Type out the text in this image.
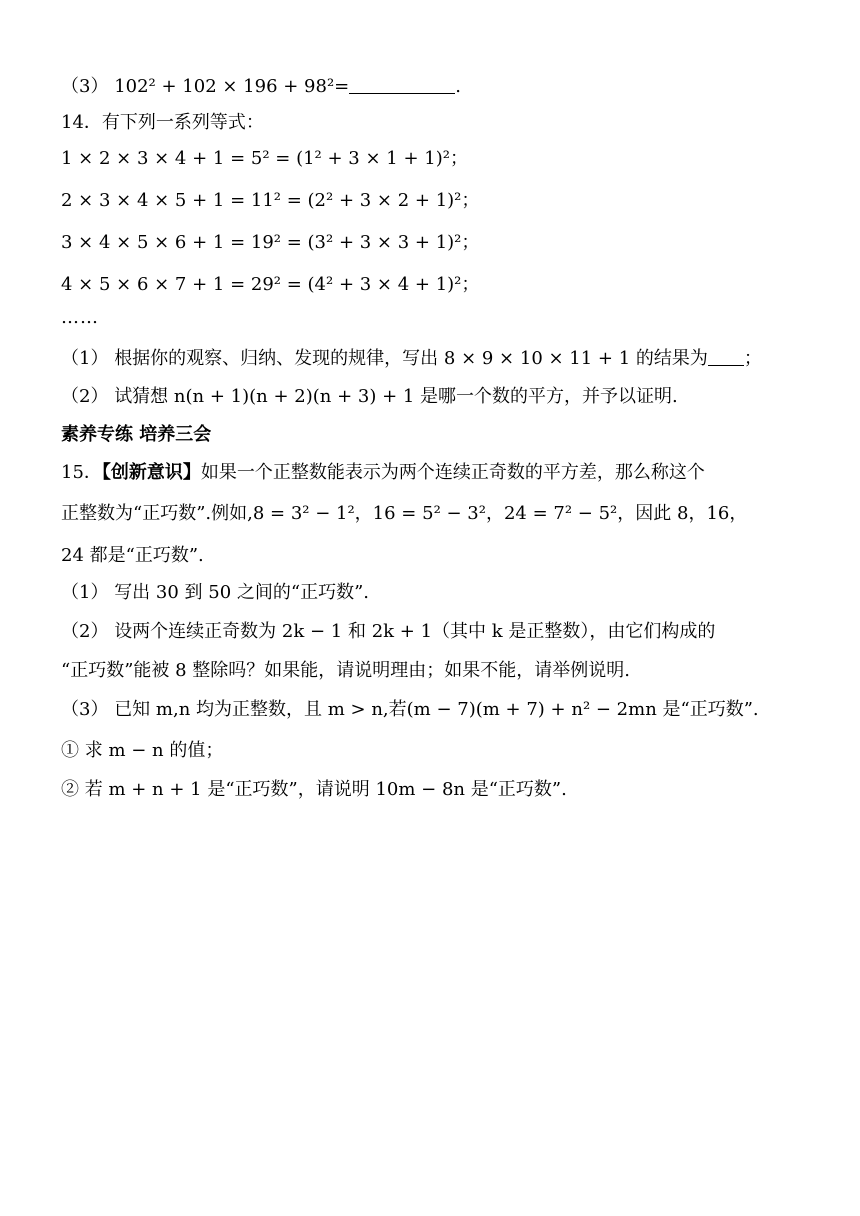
（3） 102² + 102 × 196 + 98²=	.
14．有下列一系列等式：
1 × 2 × 3 × 4 + 1 = 5² = (1² + 3 × 1 + 1)²；
2 × 3 × 4 × 5 + 1 = 11² = (2² + 3 × 2 + 1)²；
3 × 4 × 5 × 6 + 1 = 19² = (3² + 3 × 3 + 1)²；
4 × 5 × 6 × 7 + 1 = 29² = (4² + 3 × 4 + 1)²；
……
（1） 根据你的观察、归纳、发现的规律，写出 8 × 9 × 10 × 11 + 1 的结果为 ；
（2） 试猜想 n(n + 1)(n + 2)(n + 3) + 1 是哪一个数的平方，并予以证明.
素养专练 培养三会
15．【创新意识】如果一个正整数能表示为两个连续正奇数的平方差，那么称这个
正整数为“正巧数”.例如,8 = 3² − 1²，16 = 5² − 3²，24 = 7² − 5²，因此 8，16，
24 都是“正巧数”.
（1） 写出 30 到 50 之间的“正巧数”.
（2） 设两个连续正奇数为 2k − 1 和 2k + 1（其中 k 是正整数），由它们构成的
“正巧数”能被 8 整除吗？如果能，请说明理由；如果不能，请举例说明.
（3） 已知 m,n 均为正整数，且 m > n,若(m − 7)(m + 7) + n² − 2mn 是“正巧数”.
① 求 m − n 的值；
② 若 m + n + 1 是“正巧数”，请说明 10m − 8n 是“正巧数”.
